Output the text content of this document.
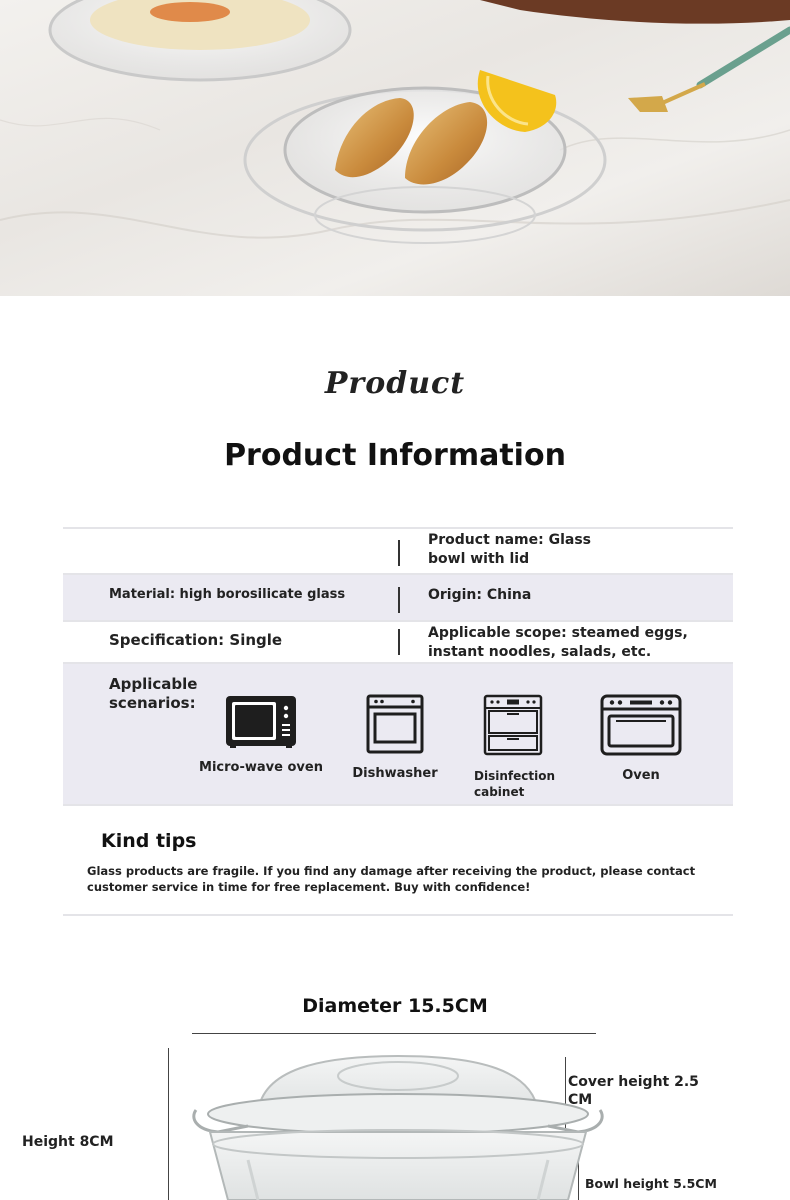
Product
Product Information
Product name: Glass bowl with lid
Material: high borosilicate glass	Origin: China
Specification: Single	Applicable scope: steamed eggs, instant noodles, salads, etc.
Applicable scenarios:
Micro-wave oven	Dishwasher	Disinfection cabinet
Oven
Kind tips
Glass products are fragile. If you find any damage after receiving the product, please contact customer service in time for free replacement. Buy with confidence!
Diameter 15.5CM
Height 8CM
Cover height 2.5 CM
Bowl height 5.5CM
